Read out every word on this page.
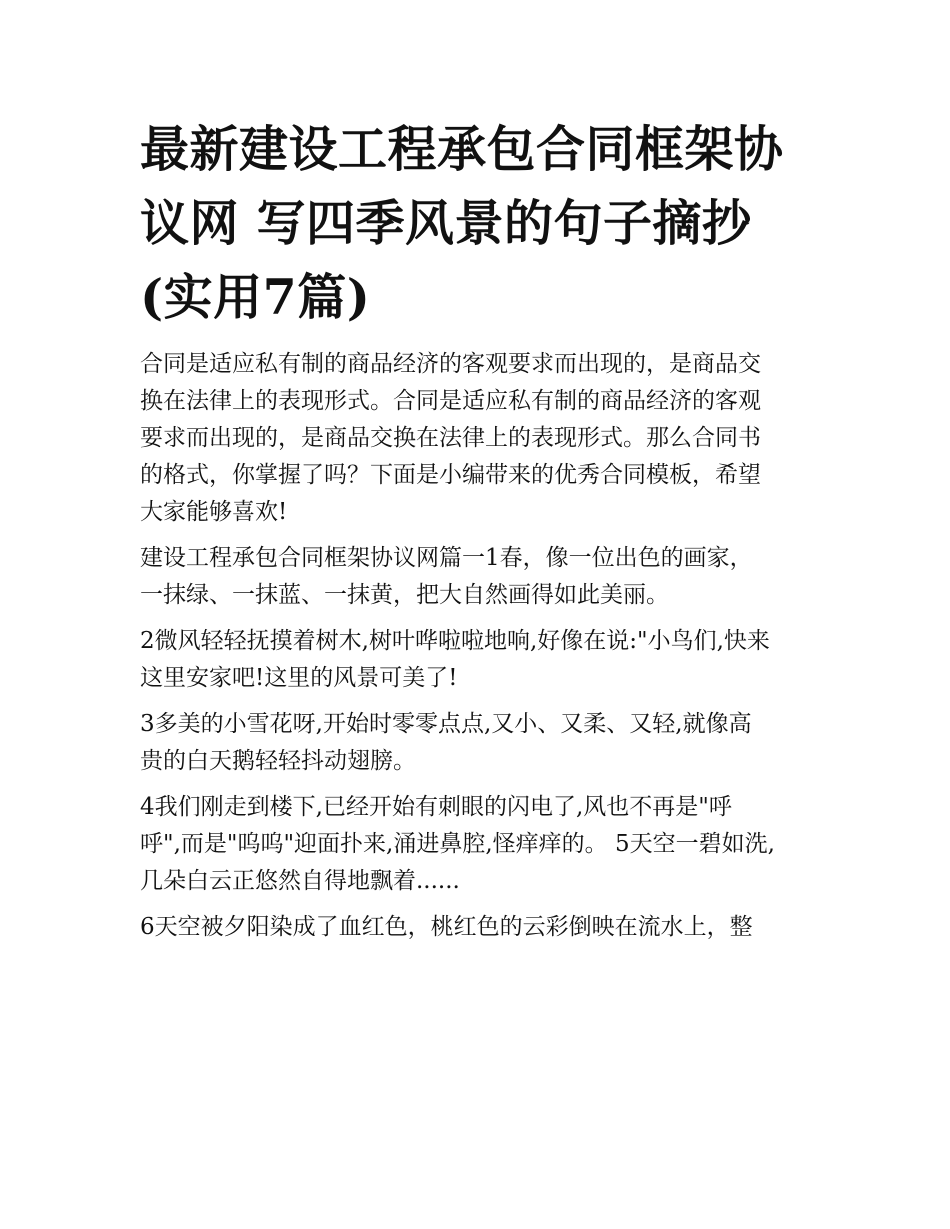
最新建设工程承包合同框架协
议网 写四季风景的句子摘抄
(实用7篇)

合同是适应私有制的商品经济的客观要求而出现的，是商品交

换在法律上的表现形式。合同是适应私有制的商品经济的客观

要求而出现的，是商品交换在法律上的表现形式。那么合同书

的格式，你掌握了吗？下面是小编带来的优秀合同模板，希望

大家能够喜欢!

建设工程承包合同框架协议网篇一1春，像一位出色的画家，

一抹绿、一抹蓝、一抹黄，把大自然画得如此美丽。

2微风轻轻抚摸着树木,树叶哗啦啦地响,好像在说:"小鸟们,快来

这里安家吧!这里的风景可美了!

3多美的小雪花呀,开始时零零点点,又小、又柔、又轻,就像高

贵的白天鹅轻轻抖动翅膀。

4我们刚走到楼下,已经开始有刺眼的闪电了,风也不再是"呼

呼",而是"呜呜"迎面扑来,涌进鼻腔,怪痒痒的。 5天空一碧如洗,

几朵白云正悠然自得地飘着......

6天空被夕阳染成了血红色，桃红色的云彩倒映在流水上，整
